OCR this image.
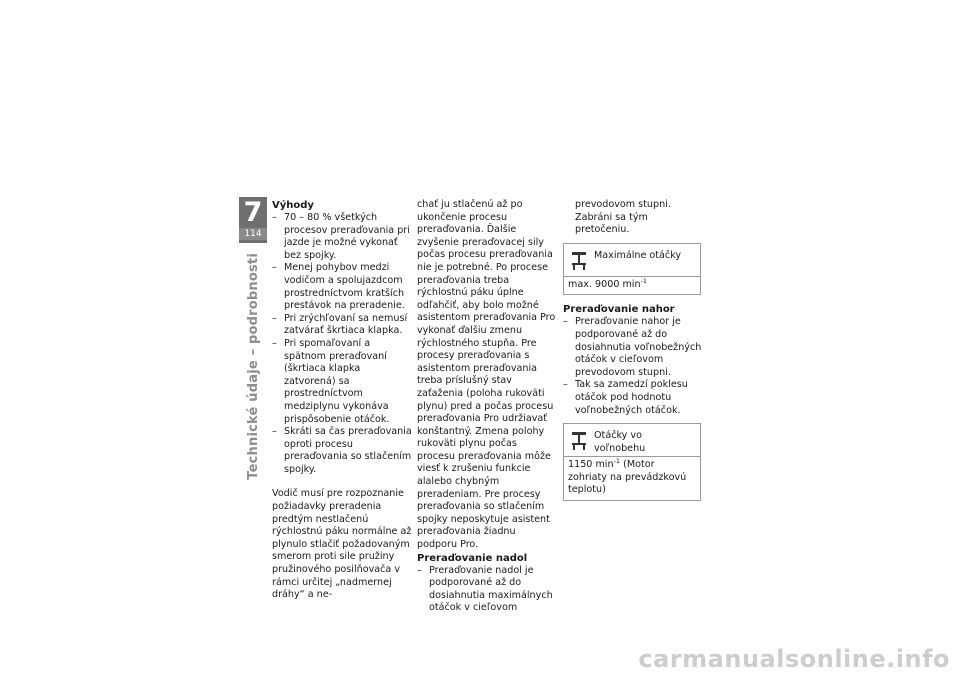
7
114
Technické údaje – podrobnosti

Výhody

– 70 – 80 % všetkých procesov preraďovania pri jazde je možné vykonať bez spojky.
– Menej pohybov medzi vodičom a spolujazdcom prostredníctvom kratších prestávok na preradenie.
– Pri zrýchľovaní sa nemusí zatvárať škrtiaca klapka.
– Pri spomaľovaní a spätnom preraďovaní (škrtiaca klapka zatvorená) sa prostredníctvom medziplynu vykonáva prispôsobenie otáčok.
– Skráti sa čas preraďovania oproti procesu preraďovania so stlačením spojky.

Vodič musí pre rozpoznanie požiadavky preradenia predtým nestlačenú rýchlostnú páku normálne až plynulo stlačiť požadovaným smerom proti sile pružiny pružinového posilňovača v rámci určitej „nadmernej dráhy“ a ne-

chať ju stlačenú až po ukončenie procesu preraďovania. Ďalšie zvyšenie preraďovacej sily počas procesu preraďovania nie je potrebné. Po procese preraďovania treba rýchlostnú páku úplne odľahčiť, aby bolo možné asistentom preraďovania Pro vykonať ďalšiu zmenu rýchlostného stupňa. Pre procesy preraďovania s asistentom preraďovania treba príslušný stav zaťaženia (poloha rukoväti plynu) pred a počas procesu preraďovania Pro udržiavať konštantný. Zmena polohy rukoväti plynu počas procesu preraďovania môže viesť k zrušeniu funkcie alalebo chybným preradeniam. Pre procesy preraďovania so stlačením spojky neposkytuje asistent preraďovania žiadnu podporu Pro.

Preraďovanie nadol

– Preraďovanie nadol je podporované až do dosiahnutia maximálnych otáčok v cieľovom

prevodovom stupni. Zabráni sa tým pretočeniu.

Maximálne otáčky
max. 9000 $\min^{-1}$

Preraďovanie nahor

– Preraďovanie nahor je podporované až do dosiahnutia voľnobežných otáčok v cieľovom prevodovom stupni.
– Tak sa zamedzí poklesu otáčok pod hodnotu voľnobežných otáčok.
Otáčky vo voľnobehu
1150 $\min^{-1}$ (Motor zohriaty na prevádzkovú teplotu)
carmanualsonline.info
